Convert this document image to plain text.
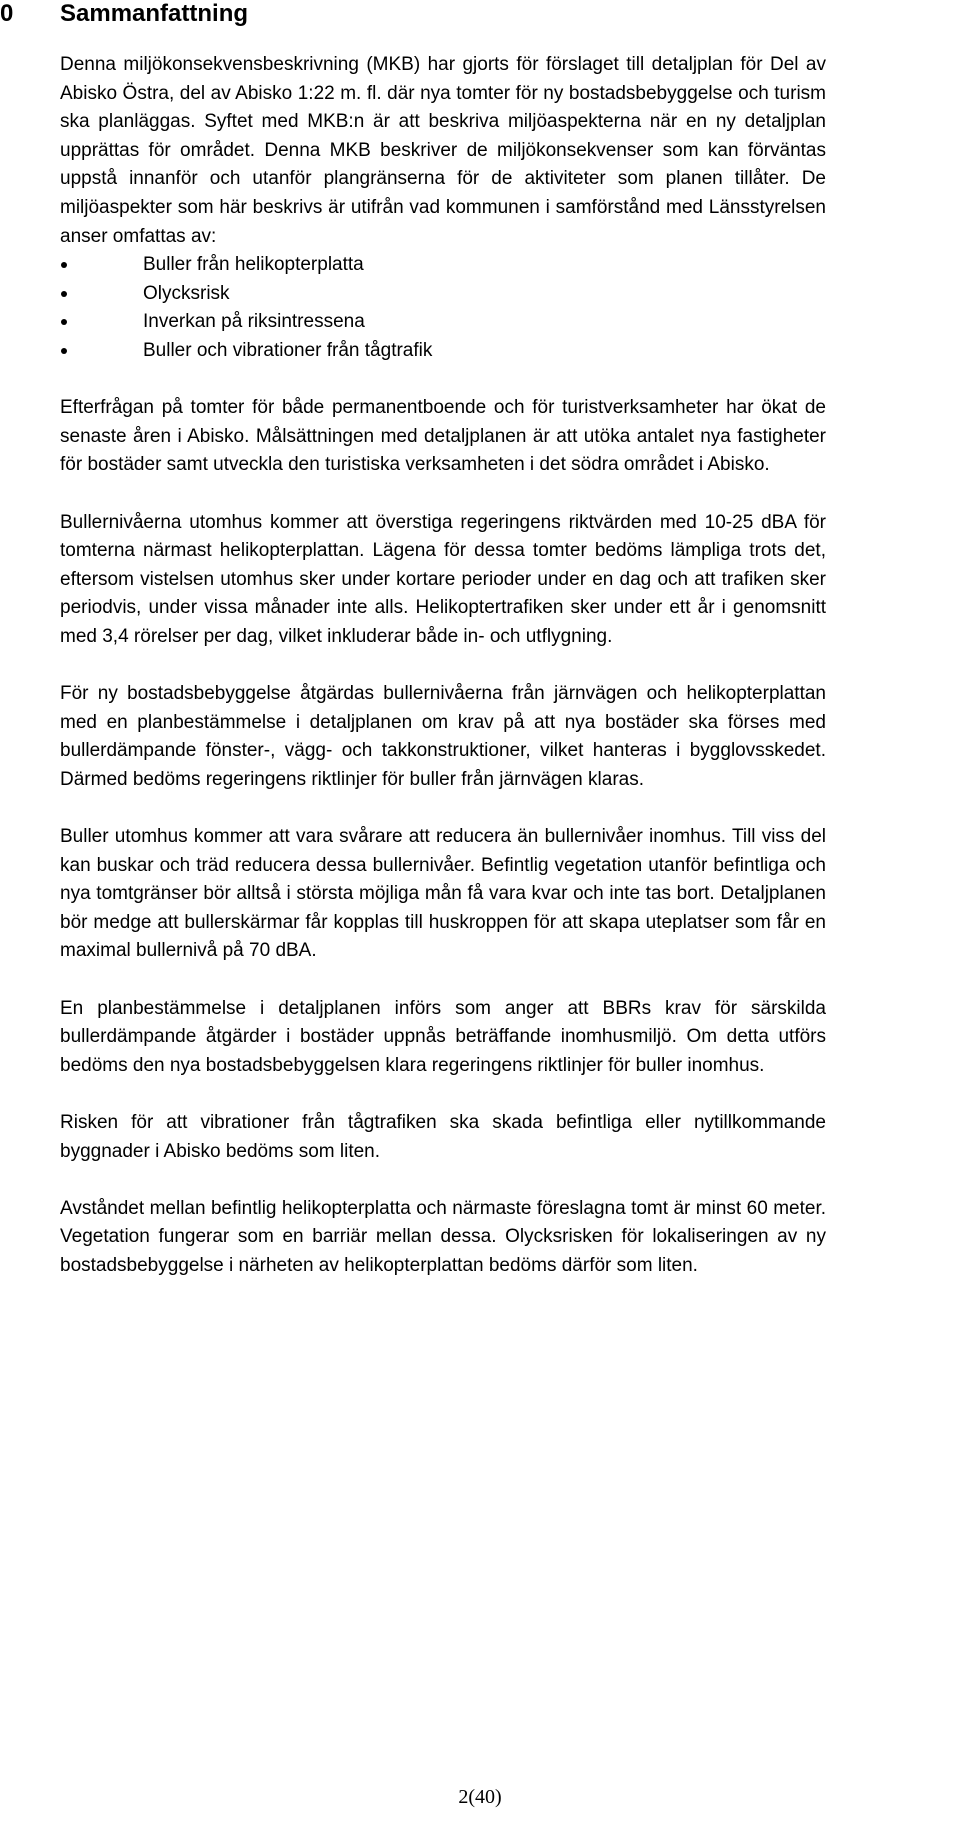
0 Sammanfattning

Denna miljökonsekvensbeskrivning (MKB) har gjorts för förslaget till detaljplan för Del av Abisko Östra, del av Abisko 1:22 m. fl. där nya tomter för ny bostadsbebyggelse och turism ska planläggas. Syftet med MKB:n är att beskriva miljöaspekterna när en ny detaljplan upprättas för området. Denna MKB beskriver de miljökonsekvenser som kan förväntas uppstå innanför och utanför plangränserna för de aktiviteter som planen tillåter. De miljöaspekter som här beskrivs är utifrån vad kommunen i samförstånd med Länsstyrelsen anser omfattas av:

Buller från helikopterplatta
Olycksrisk
Inverkan på riksintressena
Buller och vibrationer från tågtrafik

Efterfrågan på tomter för både permanentboende och för turistverksamheter har ökat de senaste åren i Abisko. Målsättningen med detaljplanen är att utöka antalet nya fastigheter för bostäder samt utveckla den turistiska verksamheten i det södra området i Abisko.

Bullernivåerna utomhus kommer att överstiga regeringens riktvärden med 10-25 dBA för tomterna närmast helikopterplattan. Lägena för dessa tomter bedöms lämpliga trots det, eftersom vistelsen utomhus sker under kortare perioder under en dag och att trafiken sker periodvis, under vissa månader inte alls. Helikoptertrafiken sker under ett år i genomsnitt med 3,4 rörelser per dag, vilket inkluderar både in- och utflygning.

För ny bostadsbebyggelse åtgärdas bullernivåerna från järnvägen och helikopterplattan med en planbestämmelse i detaljplanen om krav på att nya bostäder ska förses med bullerdämpande fönster-, vägg- och takkonstruktioner, vilket hanteras i bygglovsskedet. Därmed bedöms regeringens riktlinjer för buller från järnvägen klaras.

Buller utomhus kommer att vara svårare att reducera än bullernivåer inomhus. Till viss del kan buskar och träd reducera dessa bullernivåer. Befintlig vegetation utanför befintliga och nya tomtgränser bör alltså i största möjliga mån få vara kvar och inte tas bort. Detaljplanen bör medge att bullerskärmar får kopplas till huskroppen för att skapa uteplatser som får en maximal bullernivå på 70 dBA.

En planbestämmelse i detaljplanen införs som anger att BBRs krav för särskilda bullerdämpande åtgärder i bostäder uppnås beträffande inomhusmiljö. Om detta utförs bedöms den nya bostadsbebyggelsen klara regeringens riktlinjer för buller inomhus.

Risken för att vibrationer från tågtrafiken ska skada befintliga eller nytillkommande byggnader i Abisko bedöms som liten.

Avståndet mellan befintlig helikopterplatta och närmaste föreslagna tomt är minst 60 meter. Vegetation fungerar som en barriär mellan dessa. Olycksrisken för lokaliseringen av ny bostadsbebyggelse i närheten av helikopterplattan bedöms därför som liten.

2(40)
